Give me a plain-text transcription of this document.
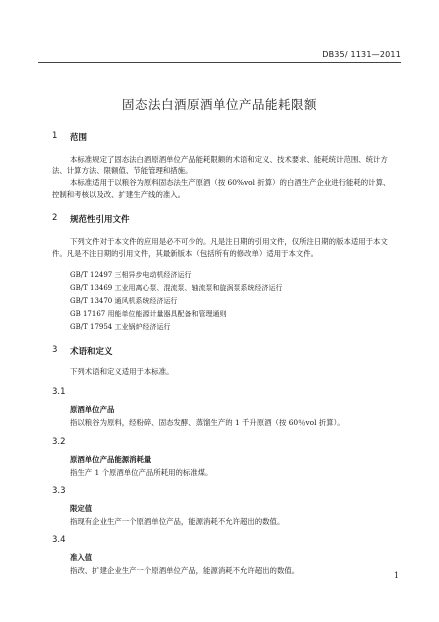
DB35/ 1131—2011
固态法白酒原酒单位产品能耗限额
1 范围
本标准规定了固态法白酒原酒单位产品能耗限额的术语和定义、技术要求、能耗统计范围、统计方
法、计算方法、限额值、节能管理和措施。
本标准适用于以粮谷为原料固态法生产原酒（按 60%vol 折算）的白酒生产企业进行能耗的计算、
控制和考核以及改、扩建生产线的准入。
2 规范性引用文件
下列文件对于本文件的应用是必不可少的。凡是注日期的引用文件，仅所注日期的版本适用于本文
件。凡是不注日期的引用文件，其最新版本（包括所有的修改单）适用于本文件。
GB/T 12497 三相异步电动机经济运行
GB/T 13469 工业用离心泵、混流泵、轴流泵和旋涡泵系统经济运行
GB/T 13470 通风机系统经济运行
GB 17167 用能单位能源计量器具配备和管理通则
GB/T 17954 工业锅炉经济运行
3 术语和定义
下列术语和定义适用于本标准。
3.1
原酒单位产品
指以粮谷为原料，经粉碎、固态发酵、蒸馏生产的 1 千升原酒（按 60％vol 折算）。
3.2
原酒单位产品能源消耗量
指生产 1 个原酒单位产品所耗用的标准煤。
3.3
限定值
指现有企业生产一个原酒单位产品，能源消耗不允许超出的数值。
3.4
准入值
指改、扩建企业生产一个原酒单位产品，能源消耗不允许超出的数值。
1
